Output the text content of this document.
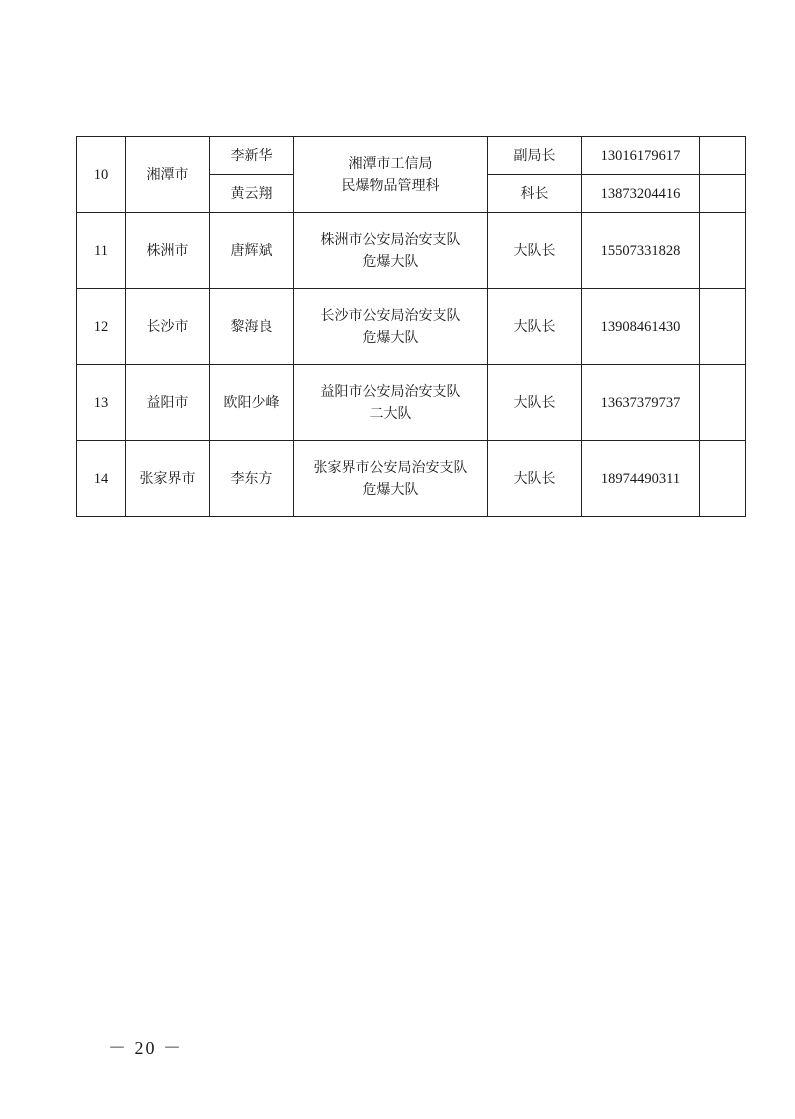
10	湘潭市	李新华	湘潭市工信局
民爆物品管理科	副局长	13016179617	
		黄云翔		科长	13873204416	
11	株洲市	唐辉斌	株洲市公安局治安支队
危爆大队	大队长	15507331828	
12	长沙市	黎海良	长沙市公安局治安支队
危爆大队	大队长	13908461430	
13	益阳市	欧阳少峰	益阳市公安局治安支队
二大队	大队长	13637379737	
14	张家界市	李东方	张家界市公安局治安支队
危爆大队	大队长	18974490311	
－ 20 －
